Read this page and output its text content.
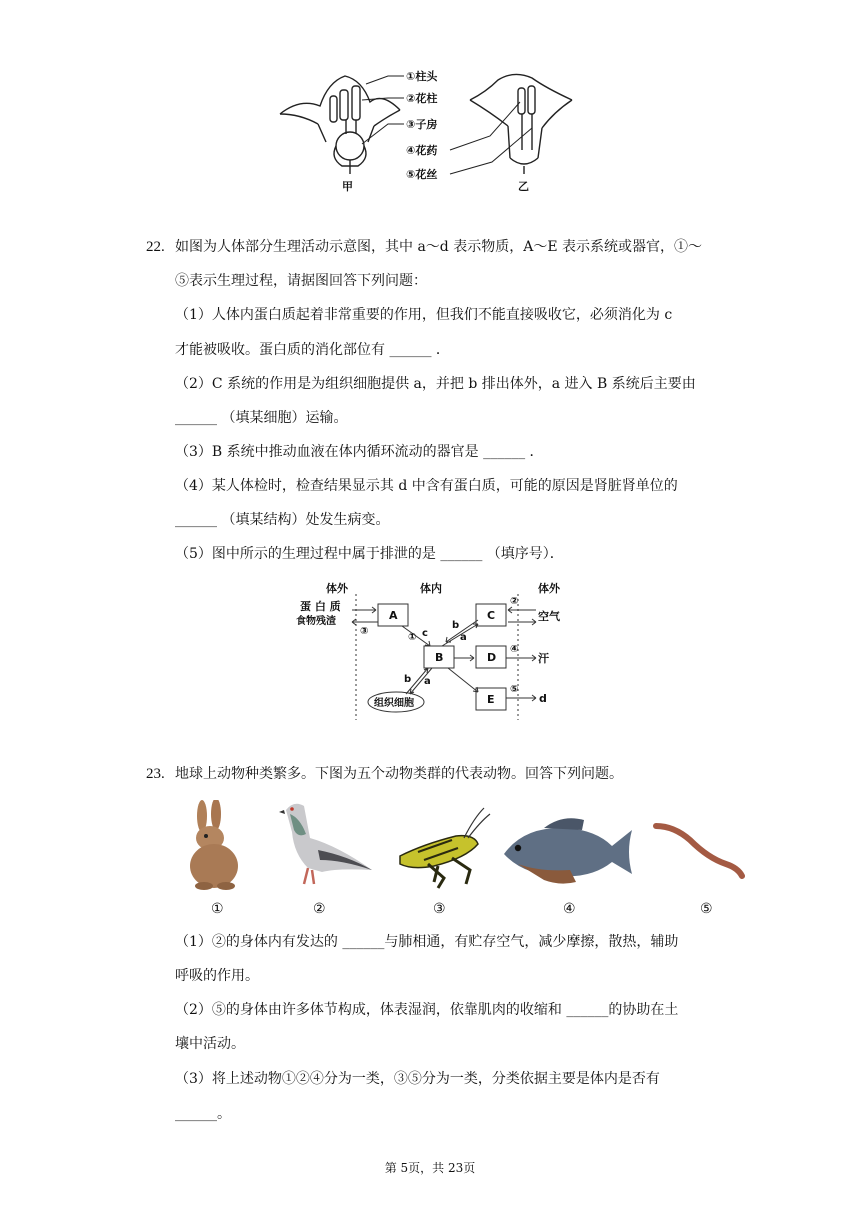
①柱头
②花柱
③子房
④花药
⑤花丝
甲	乙
22. 如图为人体部分生理活动示意图，其中 a～d 表示物质，A～E 表示系统或器官，①～
⑤表示生理过程，请据图回答下列问题：
（1）人体内蛋白质起着非常重要的作用，但我们不能直接吸收它，必须消化为 c
才能被吸收。蛋白质的消化部位有 ______ ．
（2）C 系统的作用是为组织细胞提供 a，并把 b 排出体外，a 进入 B 系统后主要由
______ （填某细胞）运输。
（3）B 系统中推动血液在体内循环流动的器官是 ______ ．
（4）某人体检时，检查结果显示其 d 中含有蛋白质，可能的原因是肾脏肾单位的
______ （填某结构）处发生病变。
（5）图中所示的生理过程中属于排泄的是 ______ （填序号）．
体外	体内	体外
蛋 白 质
食物残渣	A
B
C
D
E
组织细胞
空气
汗
d
c
b
a
b a
①
②
③
④
⑤
23. 地球上动物种类繁多。下图为五个动物类群的代表动物。回答下列问题。
①	②	③	④	⑤
（1）②的身体内有发达的 ______与肺相通，有贮存空气，减少摩擦，散热，辅助
呼吸的作用。
（2）⑤的身体由许多体节构成，体表湿润，依靠肌肉的收缩和 ______的协助在土
壤中活动。
（3）将上述动物①②④分为一类，③⑤分为一类，分类依据主要是体内是否有
______。
第 5页，共 23页
